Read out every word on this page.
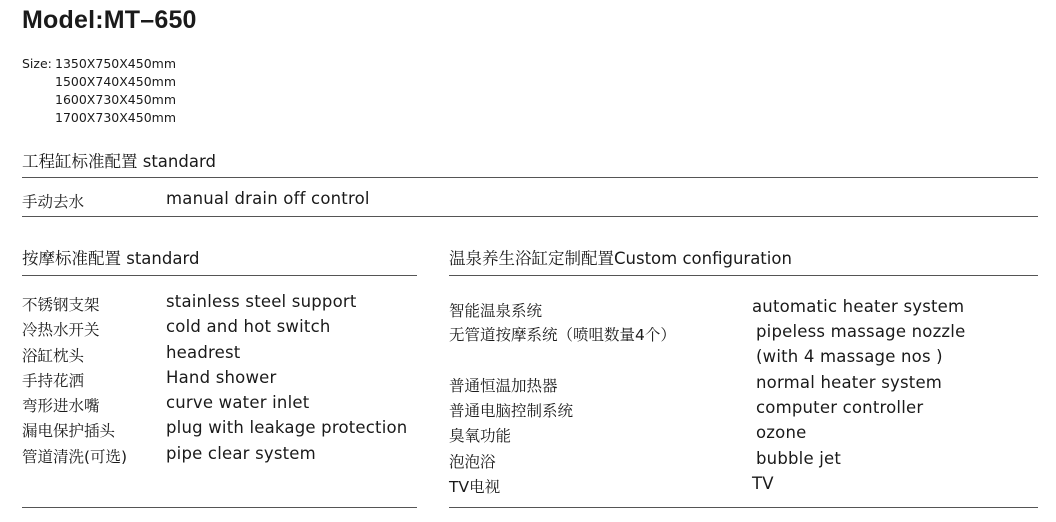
Model:MT–650
Size: 1350X750X450mm
1500X740X450mm
1600X730X450mm
1700X730X450mm
工程缸标准配置 standard
手动去水	manual drain off control
按摩标准配置 standard
不锈钢支架	stainless steel support
冷热水开关	cold and hot switch
浴缸枕头	headrest
手持花洒	Hand shower
弯形进水嘴	curve water inlet
漏电保护插头	plug with leakage protection
管道清洗(可选) pipe clear system
温泉养生浴缸定制配置Custom configuration
智能温泉系统	automatic heater system
无管道按摩系统（喷咀数量4个）	pipeless massage nozzle
(with 4 massage nos )
普通恒温加热器	normal heater system
普通电脑控制系统	computer controller
臭氧功能	ozone
泡泡浴	bubble jet
TV电视	TV
